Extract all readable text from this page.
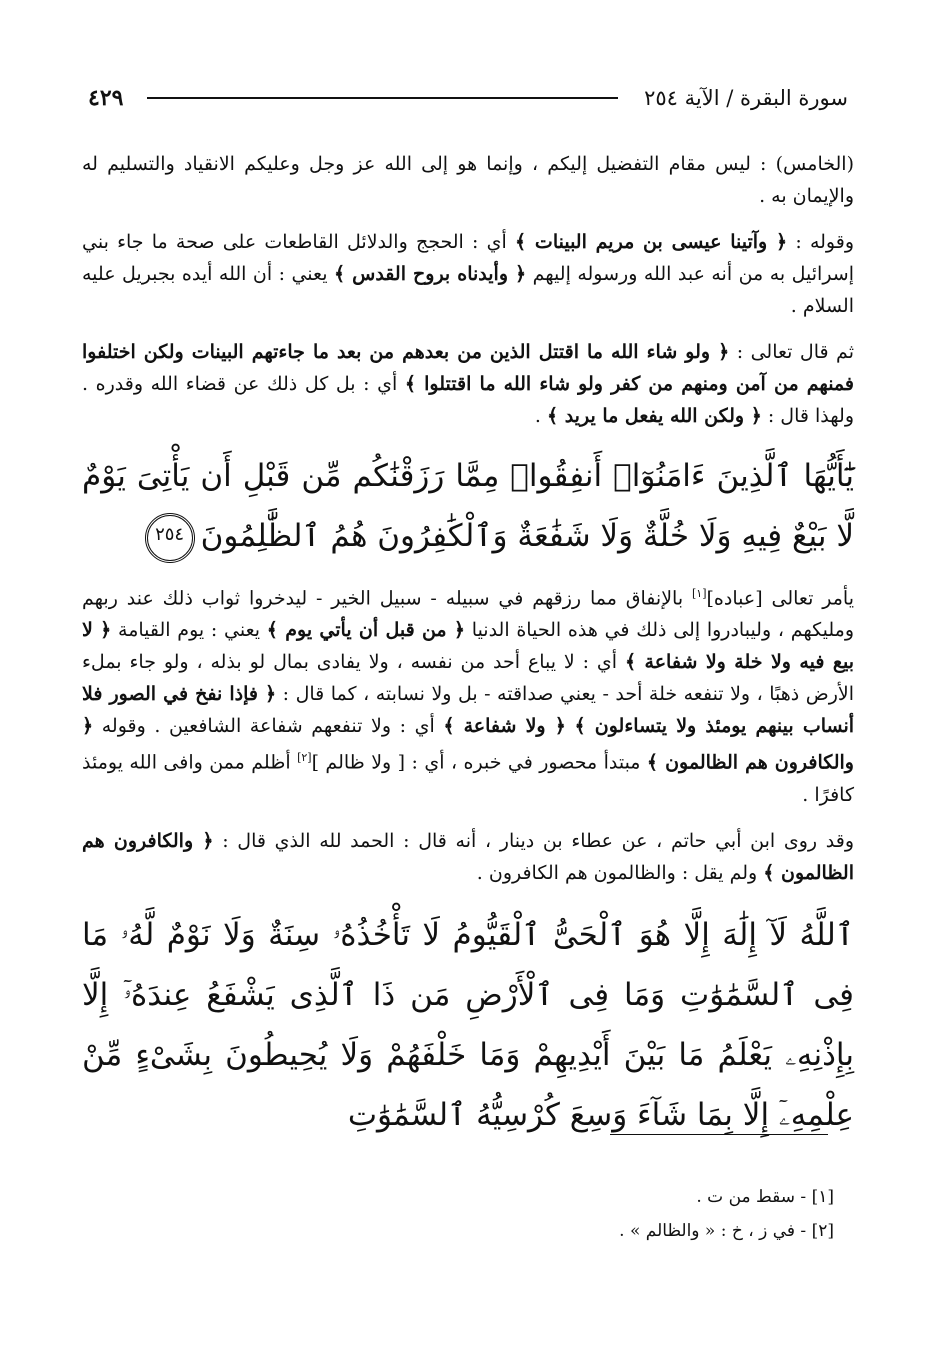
سورة البقرة / الآية ٢٥٤
٤٢٩

(الخامس) : ليس مقام التفضيل إليكم ، وإنما هو إلى الله عز وجل وعليكم الانقياد والتسليم له والإيمان به .

وقوله : ﴿ وآتينا عيسى بن مريم البينات ﴾ أي : الحجج والدلائل القاطعات على صحة ما جاء بني إسرائيل به من أنه عبد الله ورسوله إليهم ﴿ وأيدناه بروح القدس ﴾ يعني : أن الله أيده بجبريل عليه السلام .

ثم قال تعالى : ﴿ ولو شاء الله ما اقتتل الذين من بعدهم من بعد ما جاءتهم البينات ولكن اختلفوا فمنهم من آمن ومنهم من كفر ولو شاء الله ما اقتتلوا ﴾ أي : بل كل ذلك عن قضاء الله وقدره . ولهذا قال : ﴿ ولكن الله يفعل ما يريد ﴾ .

يَٰٓأَيُّهَا ٱلَّذِينَ ءَامَنُوٓا۟ أَنفِقُوا۟ مِمَّا رَزَقْنَٰكُم مِّن قَبْلِ أَن يَأْتِىَ يَوْمٌ لَّا بَيْعٌ فِيهِ وَلَا خُلَّةٌ وَلَا شَفَٰعَةٌ وَٱلْكَٰفِرُونَ هُمُ ٱلظَّٰلِمُونَ٢٥٤

يأمر تعالى [عباده][١] بالإنفاق مما رزقهم في سبيله - سبيل الخير - ليدخروا ثواب ذلك عند ربهم ومليكهم ، وليبادروا إلى ذلك في هذه الحياة الدنيا ﴿ من قبل أن يأتي يوم ﴾ يعني : يوم القيامة ﴿ لا بيع فيه ولا خلة ولا شفاعة ﴾ أي : لا يباع أحد من نفسه ، ولا يفادى بمال لو بذله ، ولو جاء بملء الأرض ذهبًا ، ولا تنفعه خلة أحد - يعني صداقته - بل ولا نسابته ، كما قال : ﴿ فإذا نفخ في الصور فلا أنساب بينهم يومئذ ولا يتساءلون ﴾ ﴿ ولا شفاعة ﴾ أي : ولا تنفعهم شفاعة الشافعين . وقوله ﴿ والكافرون هم الظالمون ﴾ مبتدأ محصور في خبره ، أي : [ ولا ظالم ][٢] أظلم ممن وافى الله يومئذ كافرًا .

وقد روى ابن أبي حاتم ، عن عطاء بن دينار ، أنه قال : الحمد لله الذي قال : ﴿ والكافرون هم الظالمون ﴾ ولم يقل : والظالمون هم الكافرون .

ٱللَّهُ لَآ إِلَٰهَ إِلَّا هُوَ ٱلْحَىُّ ٱلْقَيُّومُ لَا تَأْخُذُهُۥ سِنَةٌ وَلَا نَوْمٌ لَّهُۥ مَا فِى ٱلسَّمَٰوَٰتِ وَمَا فِى ٱلْأَرْضِ مَن ذَا ٱلَّذِى يَشْفَعُ عِندَهُۥٓ إِلَّا بِإِذْنِهِۦ يَعْلَمُ مَا بَيْنَ أَيْدِيهِمْ وَمَا خَلْفَهُمْ وَلَا يُحِيطُونَ بِشَىْءٍ مِّنْ عِلْمِهِۦٓ إِلَّا بِمَا شَآءَ وَسِعَ كُرْسِيُّهُ ٱلسَّمَٰوَٰتِ
[١] - سقط من ت .
[٢] - في ز ، خ : « والظالم » .
